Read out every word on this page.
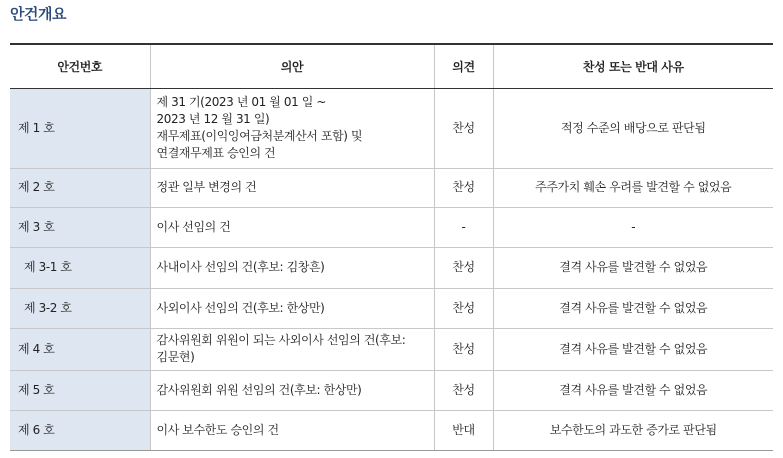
안건개요
안건번호	의안	의견	찬성 또는 반대 사유
제 1 호	제 31 기(2023 년 01 월 01 일 ~
2023 년 12 월 31 일)
재무제표(이익잉여금처분계산서 포함) 및
연결재무제표 승인의 건	찬성	적정 수준의 배당으로 판단됨
제 2 호	정관 일부 변경의 건	찬성	주주가치 훼손 우려를 발견할 수 없었음
제 3 호	이사 선임의 건	-	-
제 3-1 호	사내이사 선임의 건(후보: 김창흔)	찬성	결격 사유를 발견할 수 없었음
제 3-2 호	사외이사 선임의 건(후보: 한상만)	찬성	결격 사유를 발견할 수 없었음
제 4 호	감사위원회 위원이 되는 사외이사 선임의 건(후보:
김문현)	찬성	결격 사유를 발견할 수 없었음
제 5 호	감사위원회 위원 선임의 건(후보: 한상만)	찬성	결격 사유를 발견할 수 없었음
제 6 호	이사 보수한도 승인의 건	반대	보수한도의 과도한 증가로 판단됨
